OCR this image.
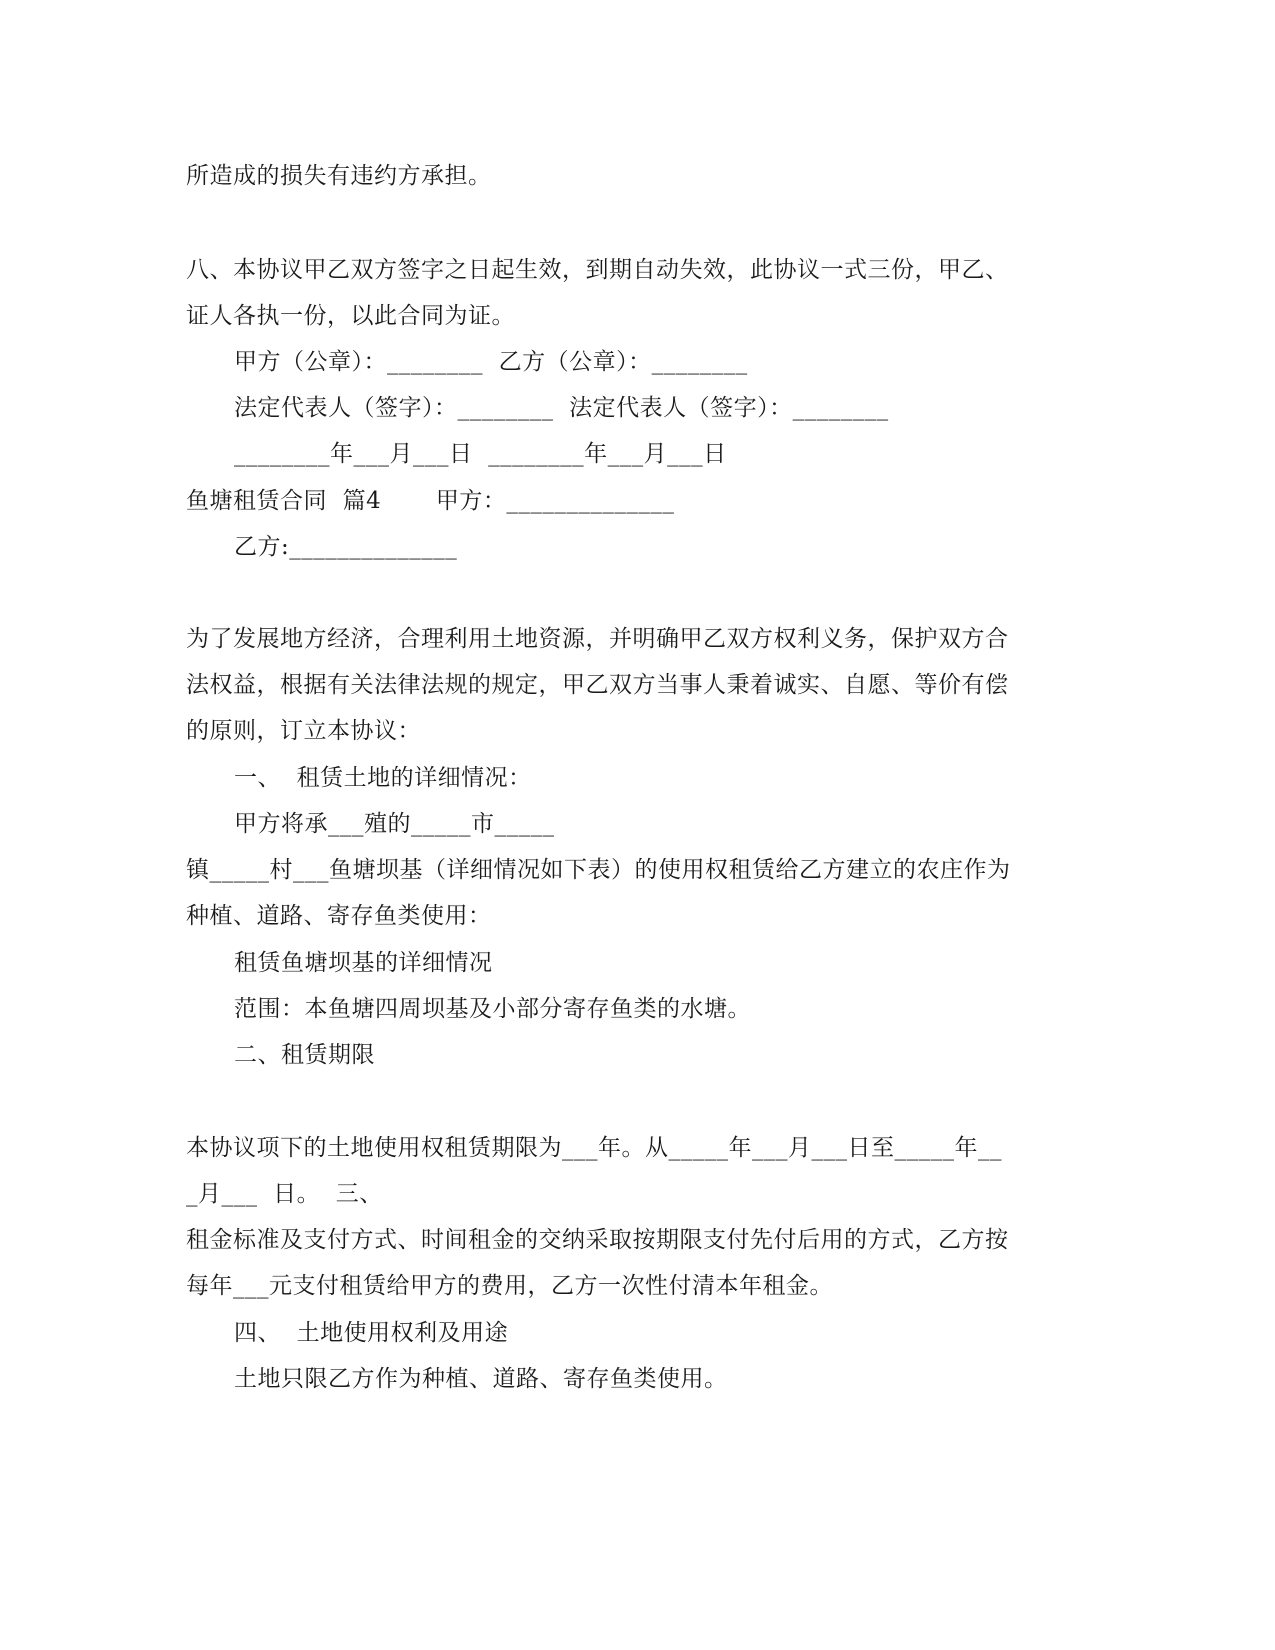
所造成的损失有违约方承担。
八、本协议甲乙双方签字之日起生效，到期自动失效，此协议一式三份，甲乙、
证人各执一份，以此合同为证。
甲方（公章）：________  乙方（公章）：________
法定代表人（签字）：________  法定代表人（签字）：________
________年___月___日  ________年___月___日
鱼塘租赁合同  篇4       甲方：______________
乙方:______________
为了发展地方经济，合理利用土地资源，并明确甲乙双方权利义务，保护双方合
法权益，根据有关法律法规的规定，甲乙双方当事人秉着诚实、自愿、等价有偿
的原则，订立本协议：
一、  租赁土地的详细情况：
甲方将承___殖的_____市_____
镇_____村___鱼塘坝基（详细情况如下表）的使用权租赁给乙方建立的农庄作为
种植、道路、寄存鱼类使用：
租赁鱼塘坝基的详细情况
范围：本鱼塘四周坝基及小部分寄存鱼类的水塘。
二、租赁期限
本协议项下的土地使用权租赁期限为___年。从_____年___月___日至_____年__
_月___  日。  三、
租金标准及支付方式、时间租金的交纳采取按期限支付先付后用的方式，乙方按
每年___元支付租赁给甲方的费用，乙方一次性付清本年租金。
四、  土地使用权利及用途
土地只限乙方作为种植、道路、寄存鱼类使用。
